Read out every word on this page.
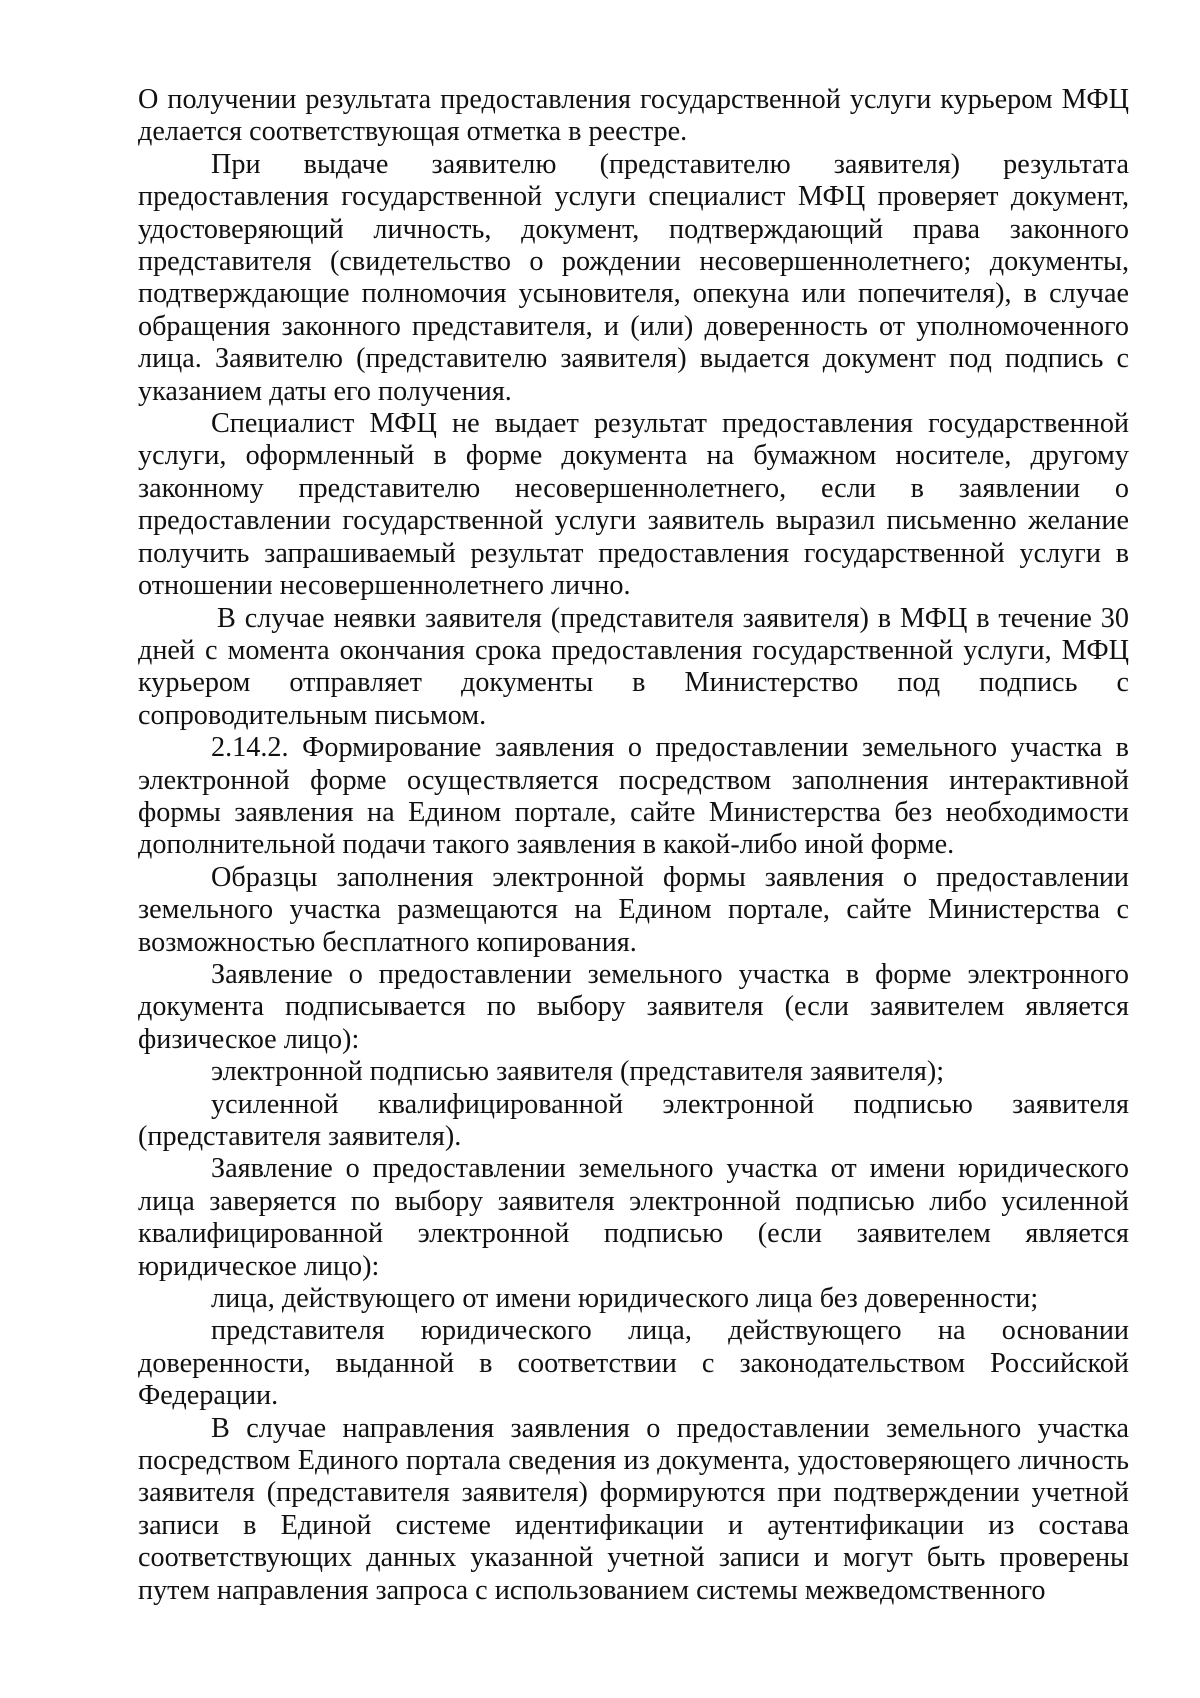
О получении результата предоставления государственной услуги курьером МФЦ делается соответствующая отметка в реестре.

При выдаче заявителю (представителю заявителя) результата предоставления государственной услуги специалист МФЦ проверяет документ, удостоверяющий личность, документ, подтверждающий права законного представителя (свидетельство о рождении несовершеннолетнего; документы, подтверждающие полномочия усыновителя, опекуна или попечителя), в случае обращения законного представителя, и (или) доверенность от уполномоченного лица. Заявителю (представителю заявителя) выдается документ под подпись с указанием даты его получения.

Специалист МФЦ не выдает результат предоставления государственной услуги, оформленный в форме документа на бумажном носителе, другому законному представителю несовершеннолетнего, если в заявлении о предоставлении государственной услуги заявитель выразил письменно желание получить запрашиваемый результат предоставления государственной услуги в отношении несовершеннолетнего лично.

В случае неявки заявителя (представителя заявителя) в МФЦ в течение 30 дней с момента окончания срока предоставления государственной услуги, МФЦ курьером отправляет документы в Министерство под подпись с сопроводительным письмом.

2.14.2. Формирование заявления о предоставлении земельного участка в электронной форме осуществляется посредством заполнения интерактивной формы заявления на Едином портале, сайте Министерства без необходимости дополнительной подачи такого заявления в какой-либо иной форме.

Образцы заполнения электронной формы заявления о предоставлении земельного участка размещаются на Едином портале, сайте Министерства с возможностью бесплатного копирования.

Заявление о предоставлении земельного участка в форме электронного документа подписывается по выбору заявителя (если заявителем является физическое лицо):

электронной подписью заявителя (представителя заявителя);

усиленной квалифицированной электронной подписью заявителя (представителя заявителя).

Заявление о предоставлении земельного участка от имени юридического лица заверяется по выбору заявителя электронной подписью либо усиленной квалифицированной электронной подписью (если заявителем является юридическое лицо):

лица, действующего от имени юридического лица без доверенности;

представителя юридического лица, действующего на основании доверенности, выданной в соответствии с законодательством Российской Федерации.

В случае направления заявления о предоставлении земельного участка посредством Единого портала сведения из документа, удостоверяющего личность заявителя (представителя заявителя) формируются при подтверждении учетной записи в Единой системе идентификации и аутентификации из состава соответствующих данных указанной учетной записи и могут быть проверены путем направления запроса с использованием системы межведомственного
